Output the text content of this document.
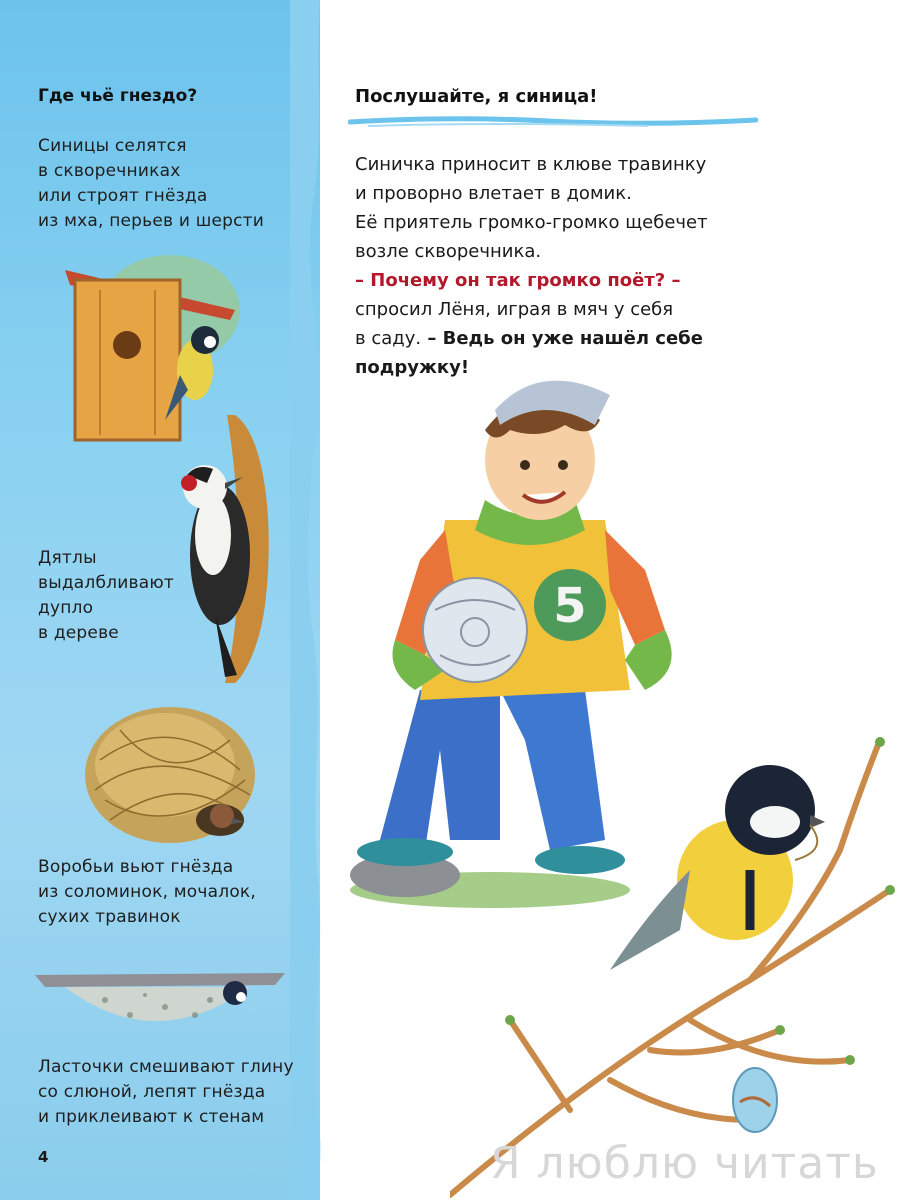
Где чьё гнездо?
Синицы селятся
в скворечниках
или строят гнёзда
из мха, перьев и шерсти
Дятлы
выдалбливают
дупло
в дереве
Воробьи вьют гнёзда
из соломинок, мочалок,
сухих травинок
Ласточки смешивают глину
со слюной, лепят гнёзда
и приклеивают к стенам
4
Послушайте, я синица!
Синичка приносит в клюве травинку
и проворно влетает в домик.
Её приятель громко-громко щебечет
возле скворечника.
– Почему он так громко поёт? –
спросил Лёня, играя в мяч у себя
в саду. – Ведь он уже нашёл себе
подружку!
5
Я люблю читать
